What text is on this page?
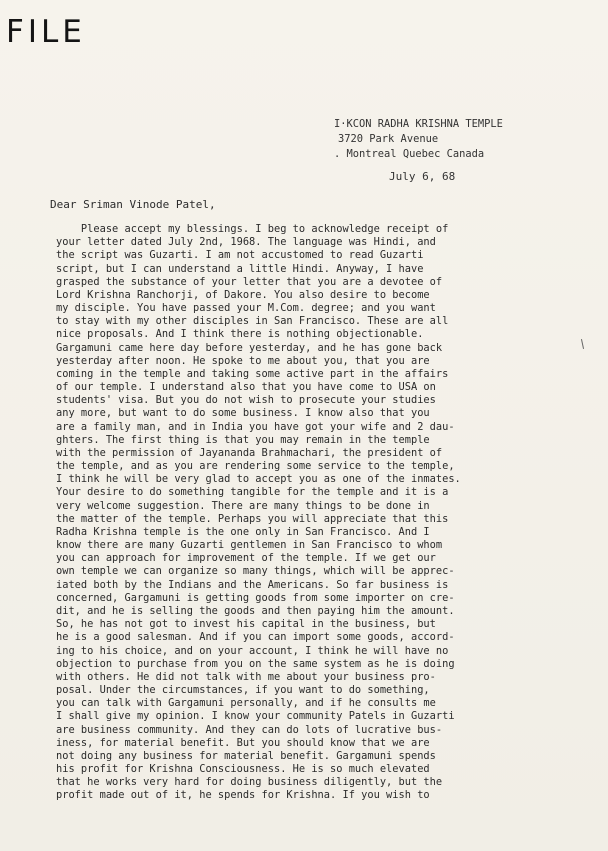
FILE
I·KCON RADHA KRISHNA TEMPLE
3720 Park Avenue
. Montreal Quebec Canada
July 6, 68
Dear Sriman Vinode Patel,
Please accept my blessings. I beg to acknowledge receipt of
your letter dated July 2nd, 1968. The language was Hindi, and
the script was Guzarti. I am not accustomed to read Guzarti
script, but I can understand a little Hindi. Anyway, I have
grasped the substance of your letter that you are a devotee of
Lord Krishna Ranchorji, of Dakore. You also desire to become
my disciple. You have passed your M.Com. degree; and you want
to stay with my other disciples in San Francisco. These are all
nice proposals. And I think there is nothing objectionable.
Gargamuni came here day before yesterday, and he has gone back
yesterday after noon. He spoke to me about you, that you are
coming in the temple and taking some active part in the affairs
of our temple. I understand also that you have come to USA on
students' visa. But you do not wish to prosecute your studies
any more, but want to do some business. I know also that you
are a family man, and in India you have got your wife and 2 dau-
ghters. The first thing is that you may remain in the temple
with the permission of Jayananda Brahmachari, the president of
the temple, and as you are rendering some service to the temple,
I think he will be very glad to accept you as one of the inmates.
Your desire to do something tangible for the temple and it is a
very welcome suggestion. There are many things to be done in
the matter of the temple. Perhaps you will appreciate that this
Radha Krishna temple is the one only in San Francisco. And I
know there are many Guzarti gentlemen in San Francisco to whom
you can approach for improvement of the temple. If we get our
own temple we can organize so many things, which will be apprec-
iated both by the Indians and the Americans. So far business is
concerned, Gargamuni is getting goods from some importer on cre-
dit, and he is selling the goods and then paying him the amount.
So, he has not got to invest his capital in the business, but
he is a good salesman. And if you can import some goods, accord-
ing to his choice, and on your account, I think he will have no
objection to purchase from you on the same system as he is doing
with others. He did not talk with me about your business pro-
posal. Under the circumstances, if you want to do something,
you can talk with Gargamuni personally, and if he consults me
I shall give my opinion. I know your community Patels in Guzarti
are business community. And they can do lots of lucrative bus-
iness, for material benefit. But you should know that we are
not doing any business for material benefit. Gargamuni spends
his profit for Krishna Consciousness. He is so much elevated
that he works very hard for doing business diligently, but the
profit made out of it, he spends for Krishna. If you wish to
